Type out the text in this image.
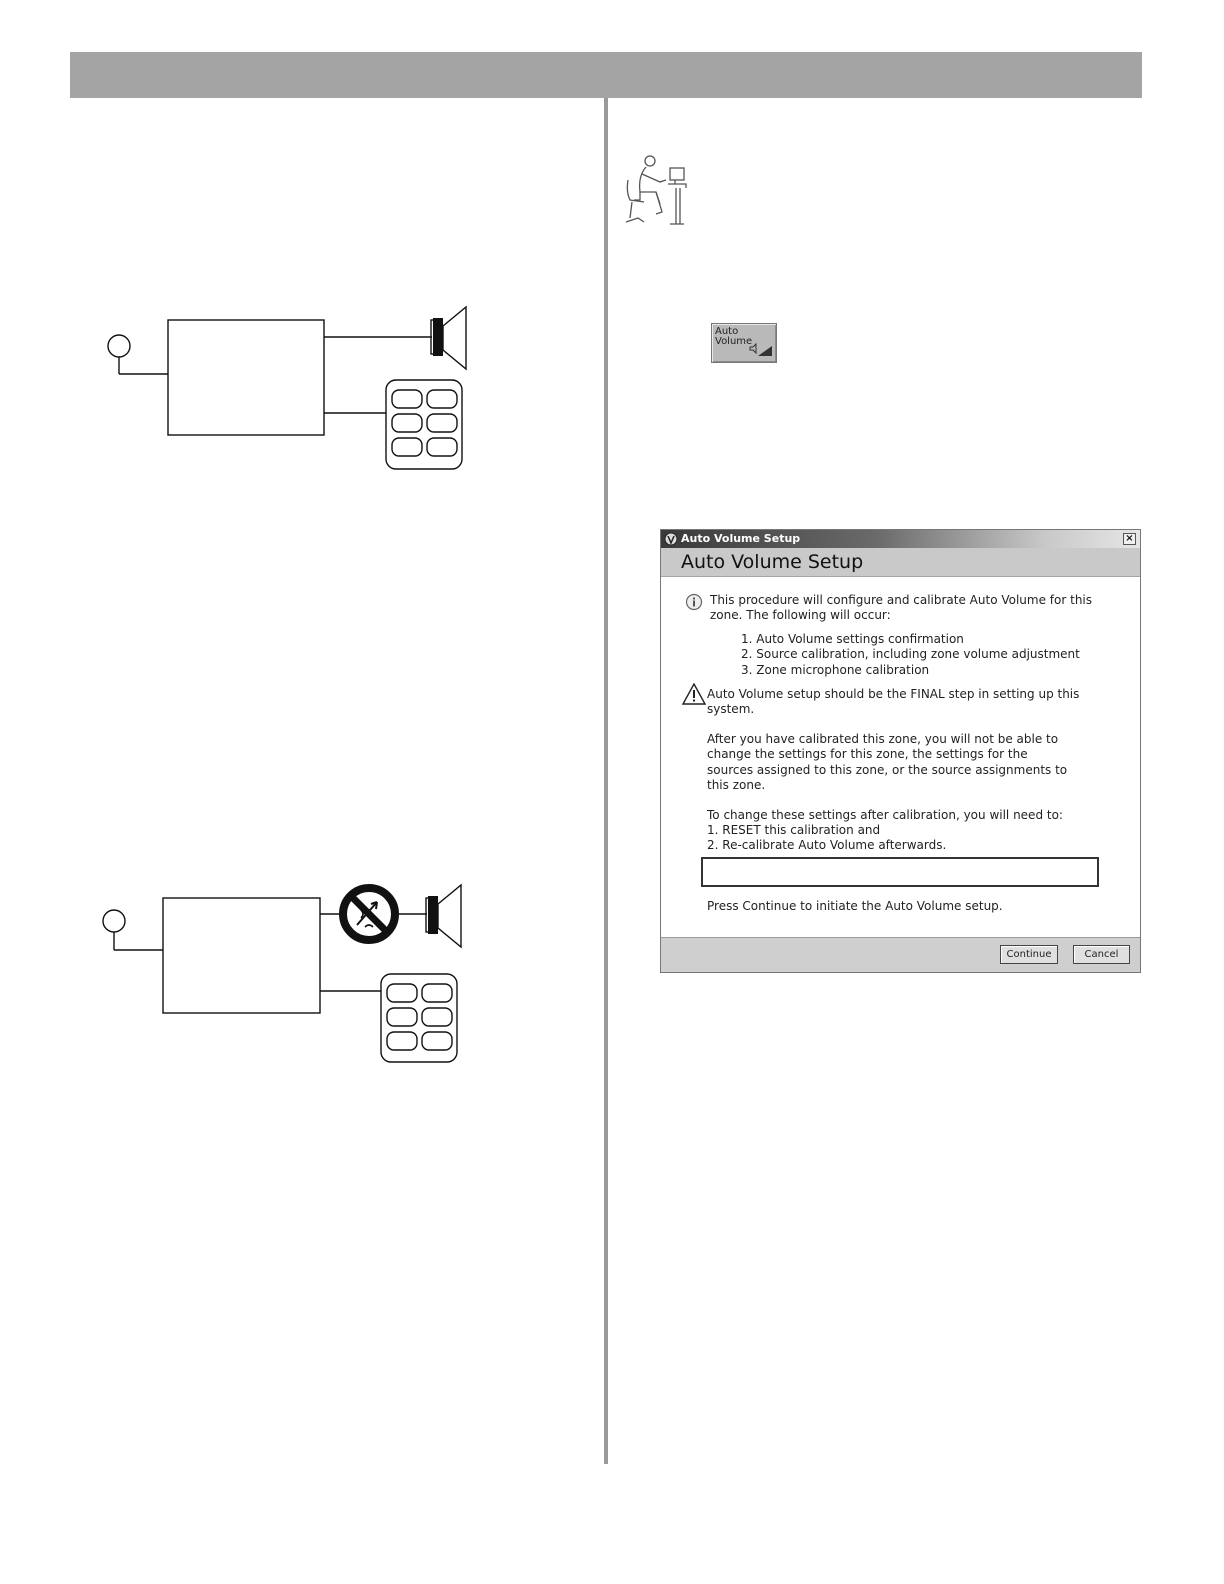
Auto
Volume
Auto Volume Setup	×
Auto Volume Setup
This procedure will configure and calibrate Auto Volume for this
zone. The following will occur:
1. Auto Volume settings confirmation
2. Source calibration, including zone volume adjustment
3. Zone microphone calibration
Auto Volume setup should be the FINAL step in setting up this
system.
After you have calibrated this zone, you will not be able to
change the settings for this zone, the settings for the
sources assigned to this zone, or the source assignments to
this zone.
To change these settings after calibration, you will need to:
1. RESET this calibration and
2. Re-calibrate Auto Volume afterwards.
Press Continue to initiate the Auto Volume setup.
Continue	Cancel
